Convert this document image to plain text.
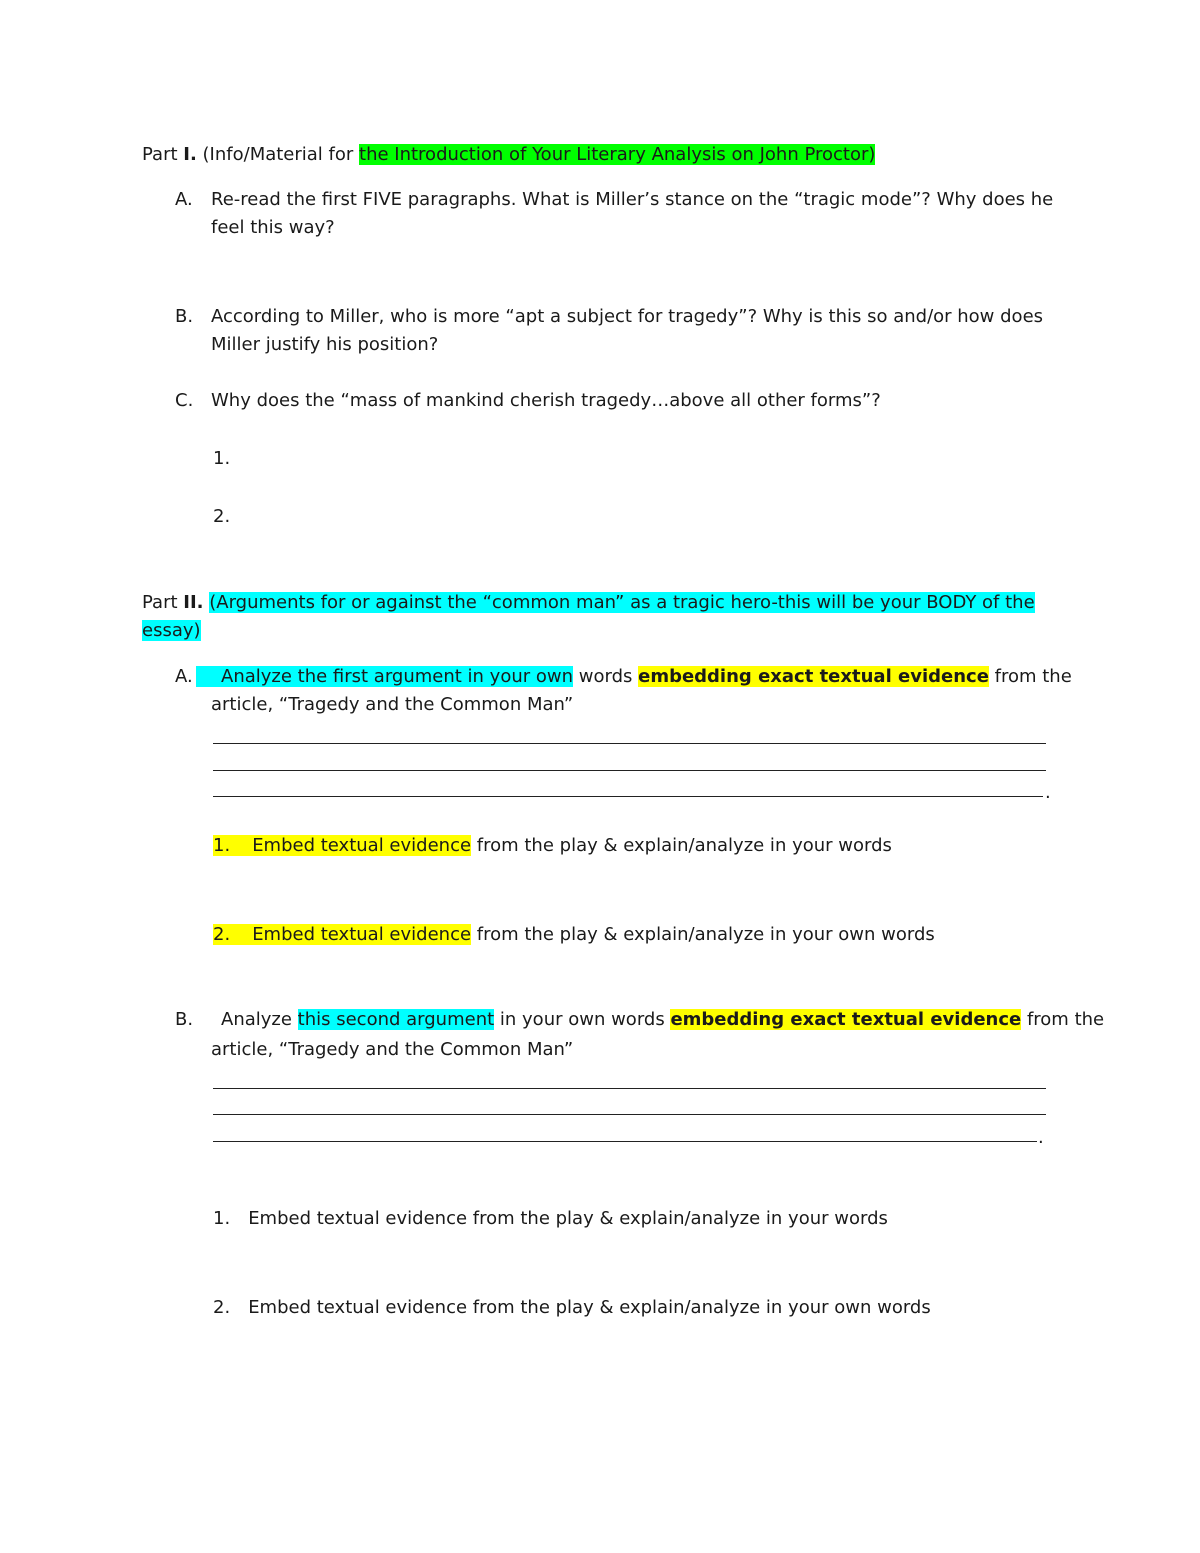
Part I. (Info/Material for the Introduction of Your Literary Analysis on John Proctor)
A. Re-read the first FIVE paragraphs. What is Miller’s stance on the “tragic mode”? Why does he
feel this way?
B. According to Miller, who is more “apt a subject for tragedy”? Why is this so and/or how does
Miller justify his position?
C. Why does the “mass of mankind cherish tragedy…above all other forms”?
1.
2.
Part II. (Arguments for or against the “common man” as a tragic hero-this will be your BODY of the
essay)
A.	Analyze the first argument in your own words embedding exact textual evidence from the
article, “Tragedy and the Common Man”
.
1. Embed textual evidence from the play & explain/analyze in your words
2. Embed textual evidence from the play & explain/analyze in your own words
B. Analyze this second argument in your own words embedding exact textual evidence from the
article, “Tragedy and the Common Man”
.
1. Embed textual evidence from the play & explain/analyze in your words
2. Embed textual evidence from the play & explain/analyze in your own words
